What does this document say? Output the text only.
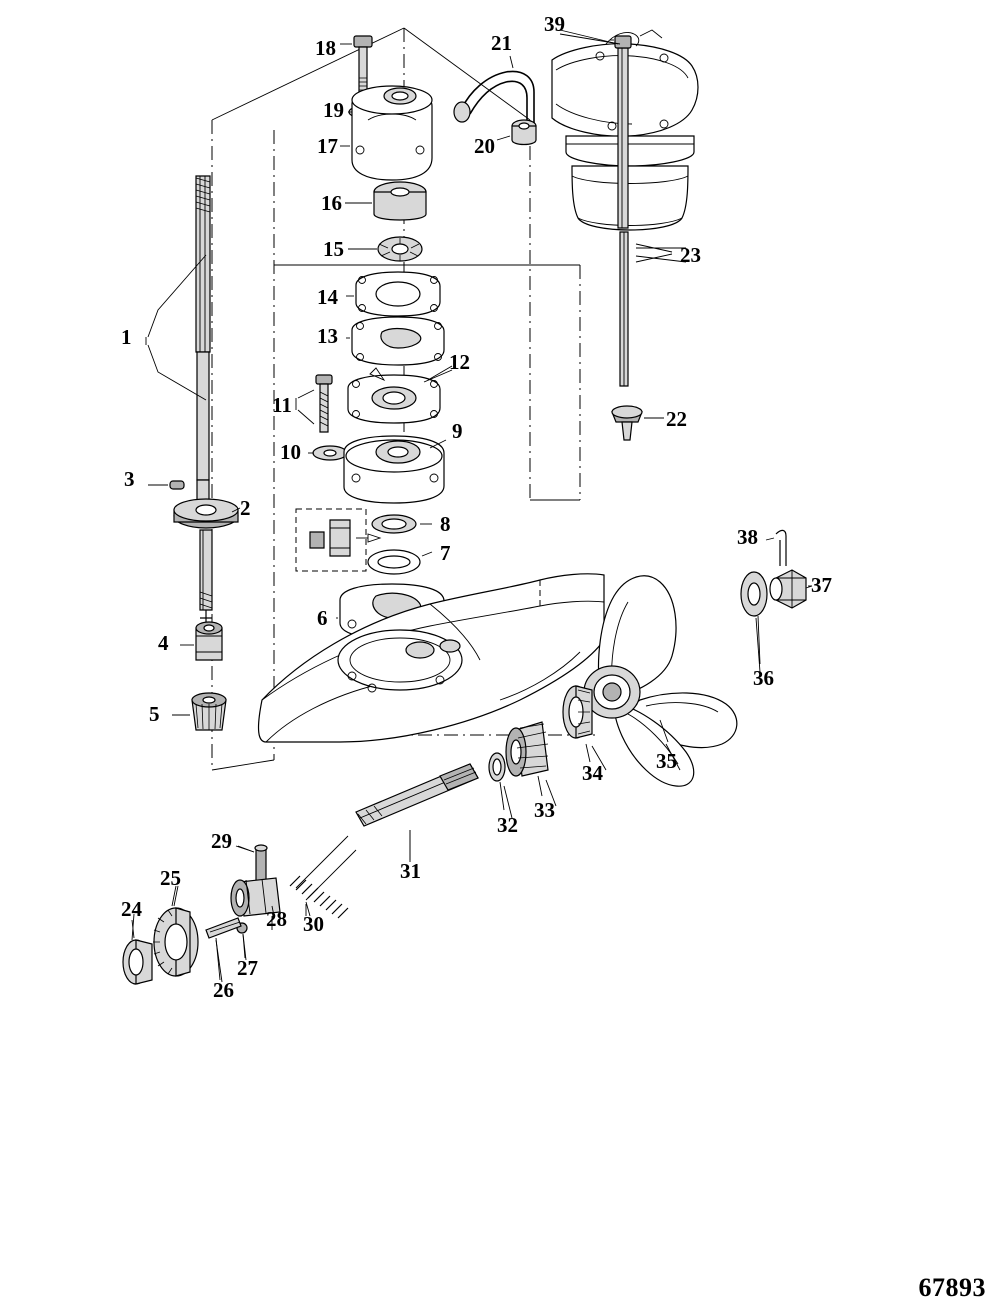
1
2
3
4
5
6
7
8
9
10
11
12
13
14
15
16
17
18
19
20
21
22
23
24
25
26
27
28
29
30
31
32
33
34	35
36
37
38
39
67893
